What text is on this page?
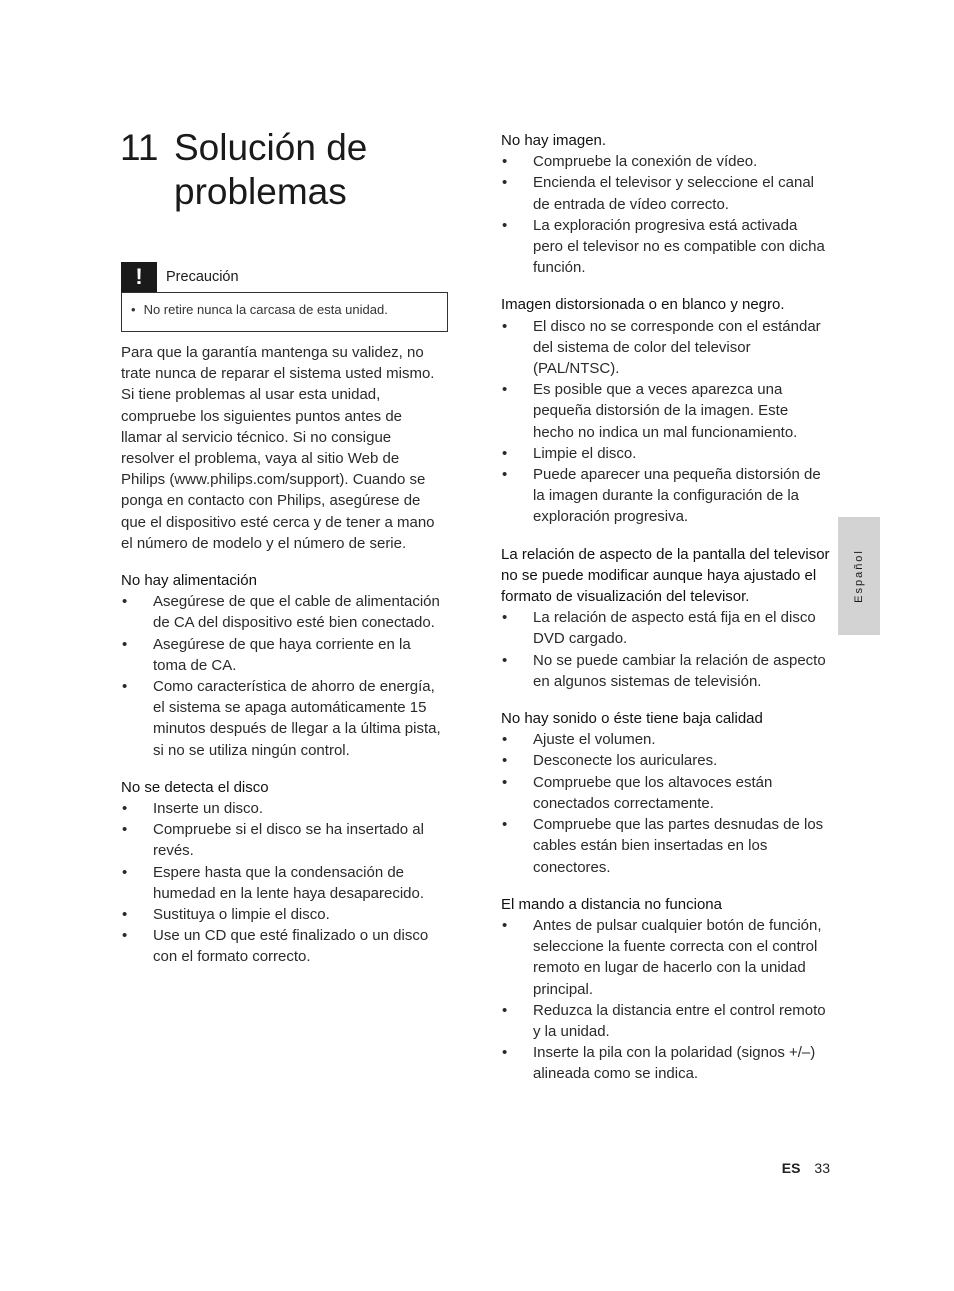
11 Solución de problemas
!	Precaución

• No retire nunca la carcasa de esta unidad.

Para que la garantía mantenga su validez, no trate nunca de reparar el sistema usted mismo. Si tiene problemas al usar esta unidad, compruebe los siguientes puntos antes de llamar al servicio técnico. Si no consigue resolver el problema, vaya al sitio Web de Philips (www.philips.com/support). Cuando se ponga en contacto con Philips, asegúrese de que el dispositivo esté cerca y de tener a mano el número de modelo y el número de serie.

No hay alimentación

• Asegúrese de que el cable de alimentación de CA del dispositivo esté bien conectado.
• Asegúrese de que haya corriente en la toma de CA.
• Como característica de ahorro de energía, el sistema se apaga automáticamente 15 minutos después de llegar a la última pista, si no se utiliza ningún control.

No se detecta el disco

• Inserte un disco.
• Compruebe si el disco se ha insertado al revés.
• Espere hasta que la condensación de humedad en la lente haya desaparecido.
• Sustituya o limpie el disco.
• Use un CD que esté finalizado o un disco con el formato correcto.

No hay imagen.

• Compruebe la conexión de vídeo.
• Encienda el televisor y seleccione el canal de entrada de vídeo correcto.
• La exploración progresiva está activada pero el televisor no es compatible con dicha función.

Imagen distorsionada o en blanco y negro.

• El disco no se corresponde con el estándar del sistema de color del televisor (PAL/NTSC).
• Es posible que a veces aparezca una pequeña distorsión de la imagen. Este hecho no indica un mal funcionamiento.
• Limpie el disco.
• Puede aparecer una pequeña distorsión de la imagen durante la configuración de la exploración progresiva.

La relación de aspecto de la pantalla del televisor no se puede modificar aunque haya ajustado el formato de visualización del televisor.

• La relación de aspecto está fija en el disco DVD cargado.
• No se puede cambiar la relación de aspecto en algunos sistemas de televisión.

No hay sonido o éste tiene baja calidad

• Ajuste el volumen.
• Desconecte los auriculares.
• Compruebe que los altavoces están conectados correctamente.
• Compruebe que las partes desnudas de los cables están bien insertadas en los conectores.

El mando a distancia no funciona

• Antes de pulsar cualquier botón de función, seleccione la fuente correcta con el control remoto en lugar de hacerlo con la unidad principal.
• Reduzca la distancia entre el control remoto y la unidad.
• Inserte la pila con la polaridad (signos +/–) alineada como se indica.
Español
ES 33
